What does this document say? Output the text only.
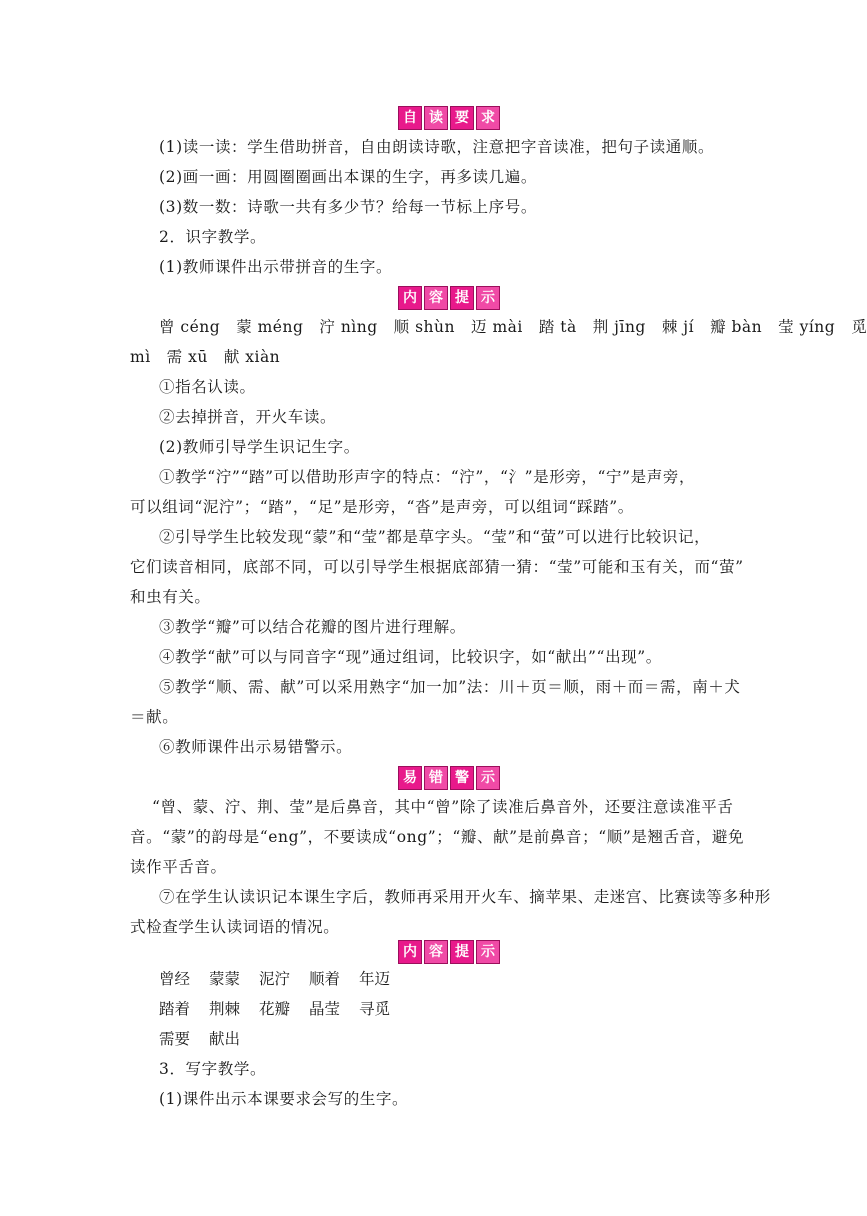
自 读 要 求
(1)读一读：学生借助拼音，自由朗读诗歌，注意把字音读准，把句子读通顺。
(2)画一画：用圆圈圈画出本课的生字，再多读几遍。
(3)数一数：诗歌一共有多少节？给每一节标上序号。
2．识字教学。
(1)教师课件出示带拼音的生字。
内 容 提 示
曾 céng 蒙 méng 泞 nìng 顺 shùn 迈 mài 踏 tà 荆 jīng 棘 jí 瓣 bàn 莹 yíng 觅
mì 需 xū 献 xiàn
①指名认读。
②去掉拼音，开火车读。
(2)教师引导学生识记生字。
①教学“泞”“踏”可以借助形声字的特点：“泞”，“氵”是形旁，“宁”是声旁，
可以组词“泥泞”；“踏”，“足”是形旁，“沓”是声旁，可以组词“踩踏”。
②引导学生比较发现“蒙”和“莹”都是草字头。“莹”和“萤”可以进行比较识记，
它们读音相同，底部不同，可以引导学生根据底部猜一猜：“莹”可能和玉有关，而“萤”
和虫有关。
③教学“瓣”可以结合花瓣的图片进行理解。
④教学“献”可以与同音字“现”通过组词，比较识字，如“献出”“出现”。
⑤教学“顺、需、献”可以采用熟字“加一加”法：川＋页＝顺，雨＋而＝需，南＋犬
＝献。
⑥教师课件出示易错警示。
易 错 警 示
“曾、蒙、泞、荆、莹”是后鼻音，其中“曾”除了读准后鼻音外，还要注意读准平舌
音。“蒙”的韵母是“eng”，不要读成“ong”；“瓣、献”是前鼻音；“顺”是翘舌音，避免
读作平舌音。
⑦在学生认读识记本课生字后，教师再采用开火车、摘苹果、走迷宫、比赛读等多种形
式检查学生认读词语的情况。
内 容 提 示
曾经	蒙蒙	泥泞	顺着	年迈
踏着	荆棘	花瓣	晶莹	寻觅
需要	献出
3．写字教学。
(1)课件出示本课要求会写的生字。
